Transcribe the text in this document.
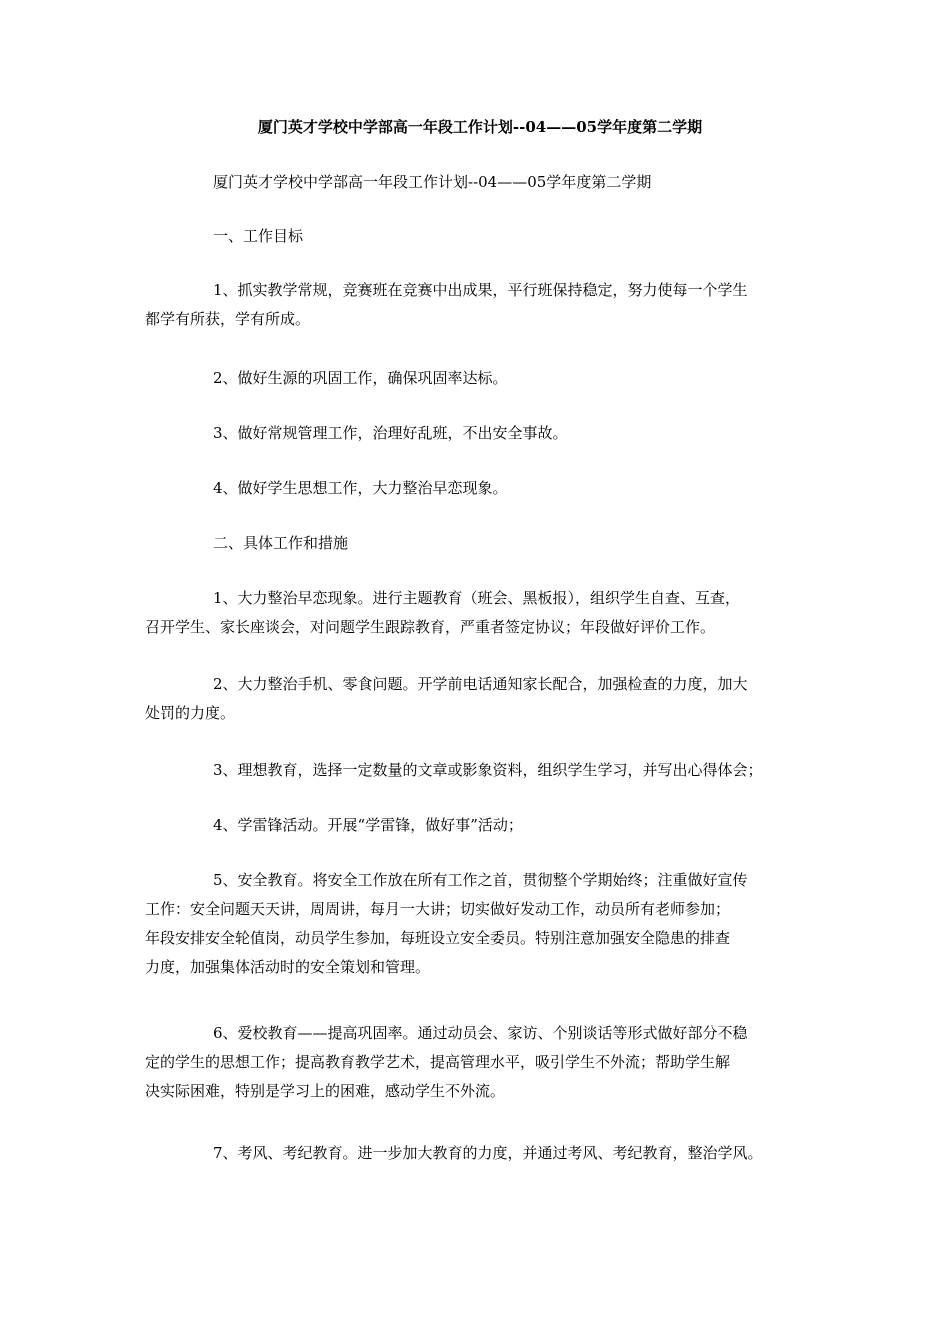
厦门英才学校中学部高一年段工作计划--04——05学年度第二学期
厦门英才学校中学部高一年段工作计划--04——05学年度第二学期
一、工作目标
1、抓实教学常规，竞赛班在竞赛中出成果，平行班保持稳定，努力使每一个学生
都学有所获，学有所成。
2、做好生源的巩固工作，确保巩固率达标。
3、做好常规管理工作，治理好乱班，不出安全事故。
4、做好学生思想工作，大力整治早恋现象。
二、具体工作和措施
1、大力整治早恋现象。进行主题教育（班会、黑板报），组织学生自查、互查，
召开学生、家长座谈会，对问题学生跟踪教育，严重者签定协议；年段做好评价工作。
2、大力整治手机、零食问题。开学前电话通知家长配合，加强检查的力度，加大
处罚的力度。
3、理想教育，选择一定数量的文章或影象资料，组织学生学习，并写出心得体会；
4、学雷锋活动。开展“学雷锋，做好事”活动；
5、安全教育。将安全工作放在所有工作之首，贯彻整个学期始终；注重做好宣传
工作：安全问题天天讲，周周讲，每月一大讲；切实做好发动工作，动员所有老师参加；
年段安排安全轮值岗，动员学生参加，每班设立安全委员。特别注意加强安全隐患的排查
力度，加强集体活动时的安全策划和管理。
6、爱校教育——提高巩固率。通过动员会、家访、个别谈话等形式做好部分不稳
定的学生的思想工作；提高教育教学艺术，提高管理水平，吸引学生不外流；帮助学生解
决实际困难，特别是学习上的困难，感动学生不外流。
7、考风、考纪教育。进一步加大教育的力度，并通过考风、考纪教育，整治学风。
